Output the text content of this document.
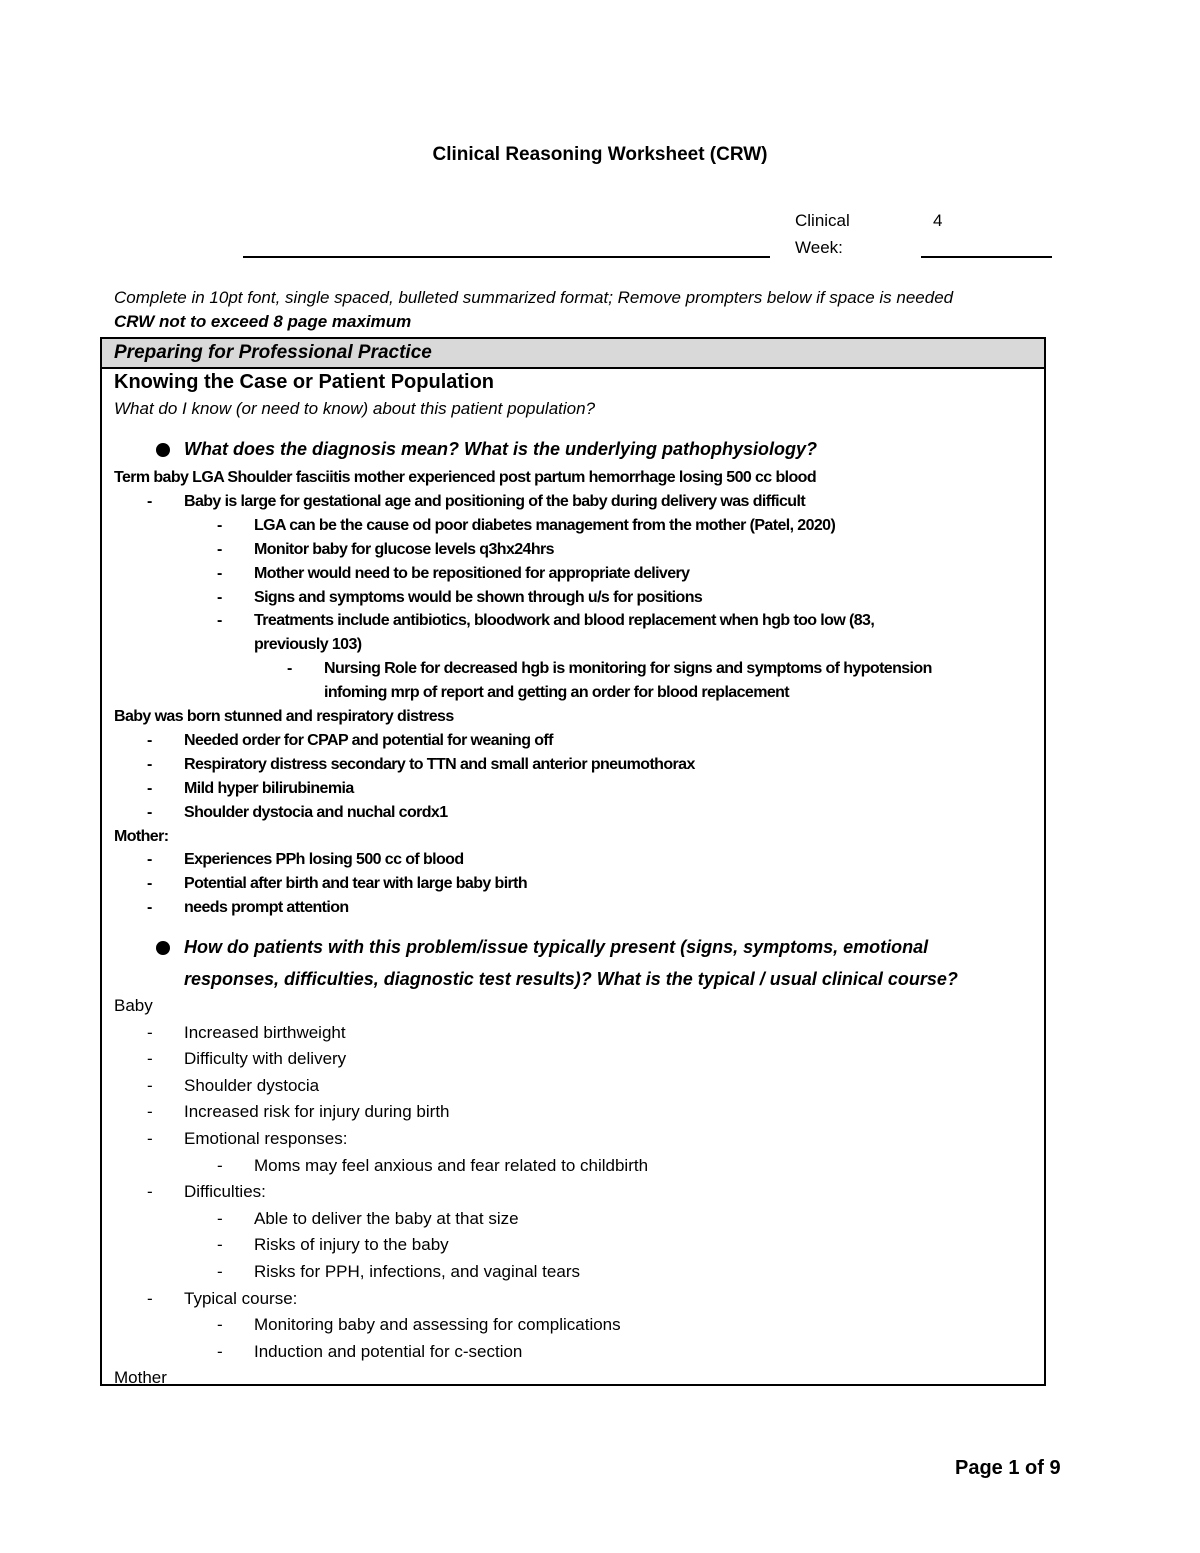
Clinical Reasoning Worksheet (CRW)
Clinical
Week:
4
Complete in 10pt font, single spaced, bulleted summarized format; Remove prompters below if space is needed
CRW not to exceed 8 page maximum
Preparing for Professional Practice
Knowing the Case or Patient Population
What do I know (or need to know) about this patient population?
What does the diagnosis mean? What is the underlying pathophysiology?
Term baby LGA Shoulder fasciitis mother experienced post partum hemorrhage losing 500 cc blood
- Baby is large for gestational age and positioning of the baby during delivery was difficult
- LGA can be the cause od poor diabetes management from the mother (Patel, 2020)
- Monitor baby for glucose levels q3hx24hrs
- Mother would need to be repositioned for appropriate delivery
- Signs and symptoms would be shown through u/s for positions
- Treatments include antibiotics, bloodwork and blood replacement when hgb too low (83,
previously 103)
- Nursing Role for decreased hgb is monitoring for signs and symptoms of hypotension
infoming mrp of report and getting an order for blood replacement
Baby was born stunned and respiratory distress
- Needed order for CPAP and potential for weaning off
- Respiratory distress secondary to TTN and small anterior pneumothorax
- Mild hyper bilirubinemia
- Shoulder dystocia and nuchal cordx1
Mother:
- Experiences PPh losing 500 cc of blood
- Potential after birth and tear with large baby birth
- needs prompt attention
How do patients with this problem/issue typically present (signs, symptoms, emotional
responses, difficulties, diagnostic test results)? What is the typical / usual clinical course?
Baby
- Increased birthweight
- Difficulty with delivery
- Shoulder dystocia
- Increased risk for injury during birth
- Emotional responses:
- Moms may feel anxious and fear related to childbirth
- Difficulties:
- Able to deliver the baby at that size
- Risks of injury to the baby
- Risks for PPH, infections, and vaginal tears
- Typical course:
- Monitoring baby and assessing for complications
- Induction and potential for c-section
Mother
Page 1 of 9
